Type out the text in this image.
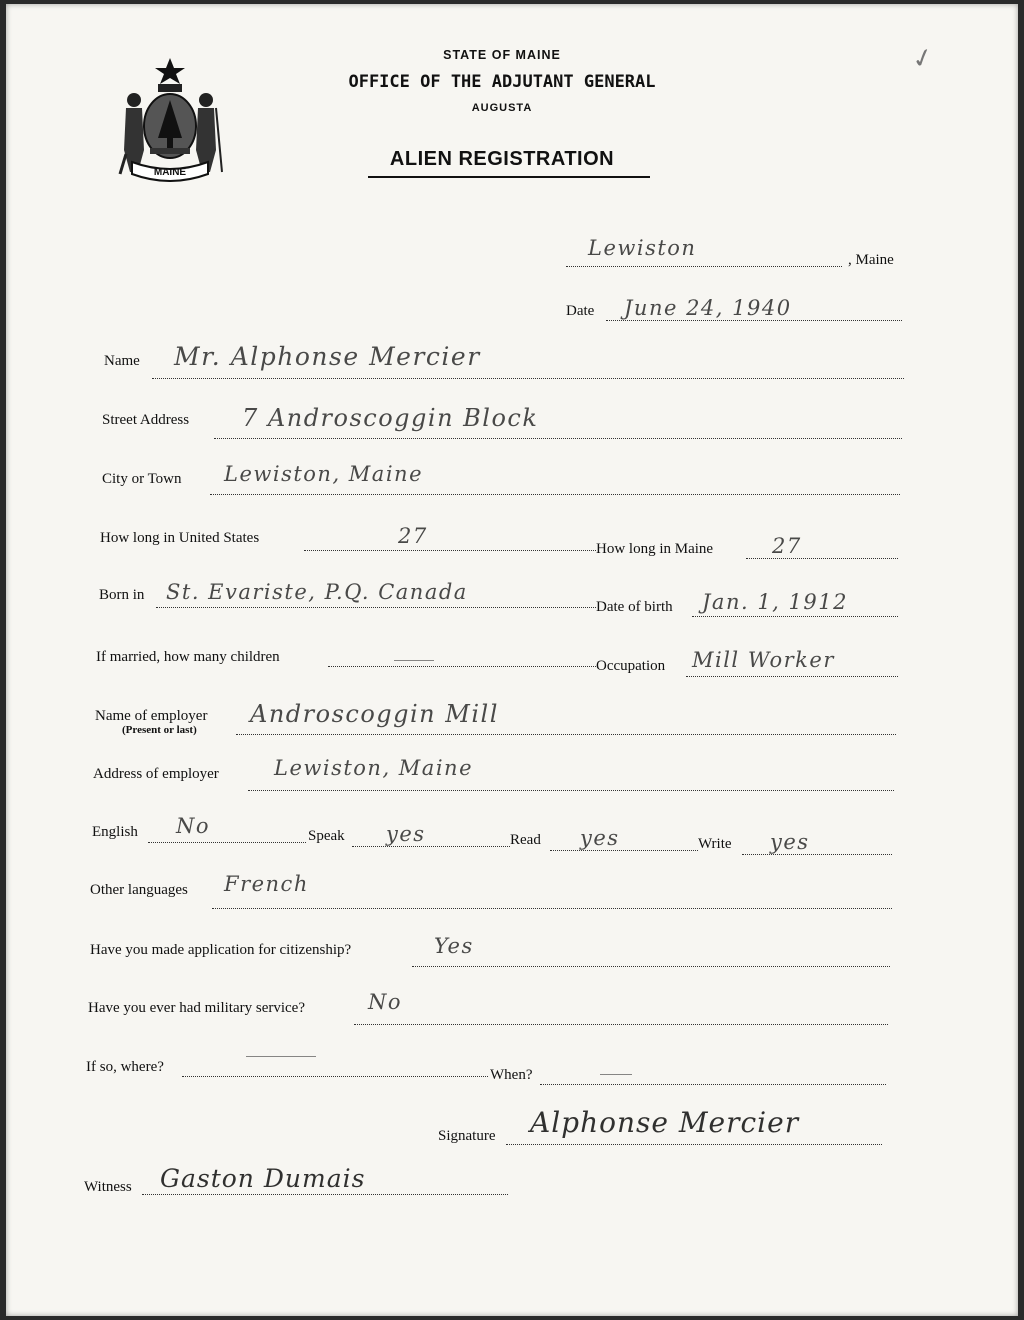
MAINE
STATE OF MAINE
OFFICE OF THE ADJUTANT GENERAL
AUGUSTA
ALIEN REGISTRATION
✓
Lewiston	, Maine
Date June 24, 1940
Name Mr. Alphonse Mercier
Street Address 7 Androscoggin Block
City or Town Lewiston, Maine
How long in United States	27
How long in Maine	27
Born in St. Evariste, P.Q. Canada
Date of birth Jan. 1, 1912
If married, how many children
Occupation Mill Worker
Name of employer
(Present or last)
Androscoggin Mill
Address of employer	Lewiston, Maine
English No	Speak yes	Read yes	Write yes
Other languages French
Have you made application for citizenship?	Yes
Have you ever had military service?	No
If so, where?	When?
Signature Alphonse Mercier
Witness Gaston Dumais
